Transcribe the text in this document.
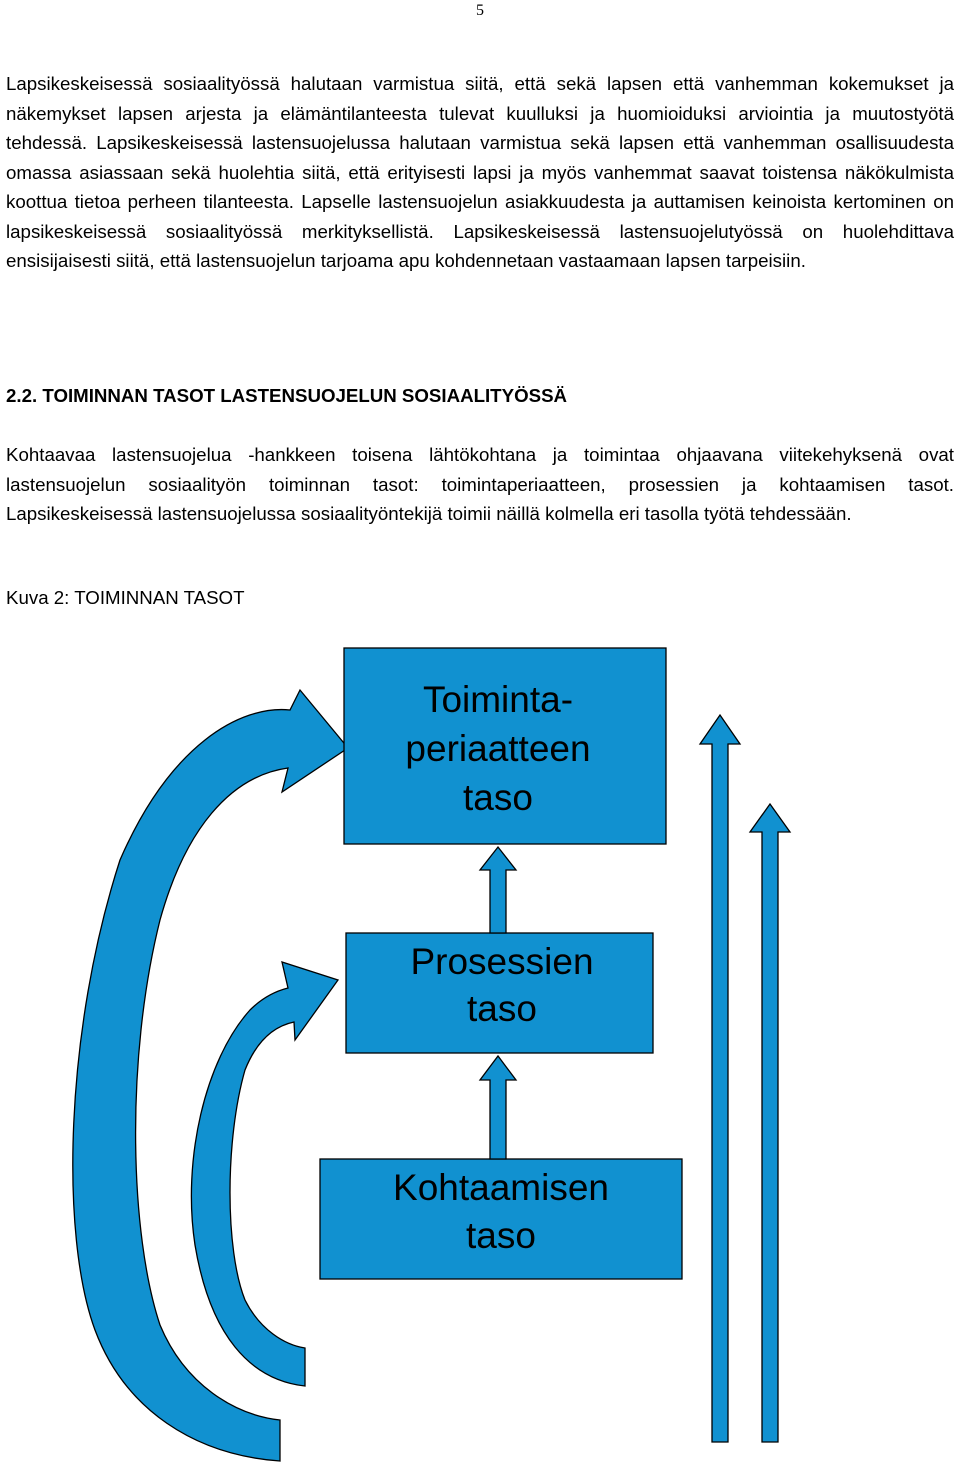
5

Lapsikeskeisessä sosiaalityössä halutaan varmistua siitä, että sekä lapsen että vanhemman kokemukset ja näkemykset lapsen arjesta ja elämäntilanteesta tulevat kuulluksi ja huomioiduksi arviointia ja muutostyötä tehdessä. Lapsikeskeisessä lastensuojelussa halutaan varmistua sekä lapsen että vanhemman osallisuudesta omassa asiassaan sekä huolehtia siitä, että erityisesti lapsi ja myös vanhemmat saavat toistensa näkökulmista koottua tietoa perheen tilanteesta. Lapselle lastensuojelun asiakkuudesta ja auttamisen keinoista kertominen on lapsikeskeisessä sosiaalityössä merkityksellistä. Lapsikeskeisessä lastensuojelutyössä on huolehdittava ensisijaisesti siitä, että lastensuojelun tarjoama apu kohdennetaan vastaamaan lapsen tarpeisiin.

2.2. TOIMINNAN TASOT LASTENSUOJELUN SOSIAALITYÖSSÄ

Kohtaavaa lastensuojelua -hankkeen toisena lähtökohtana ja toimintaa ohjaavana viitekehyksenä ovat lastensuojelun sosiaalityön toiminnan tasot: toimintaperiaatteen, prosessien ja kohtaamisen tasot. Lapsikeskeisessä lastensuojelussa sosiaalityöntekijä toimii näillä kolmella eri tasolla työtä tehdessään.

Kuva 2: TOIMINNAN TASOT

Toiminta-
periaatteen
taso
Prosessien
taso
Kohtaamisen
taso
